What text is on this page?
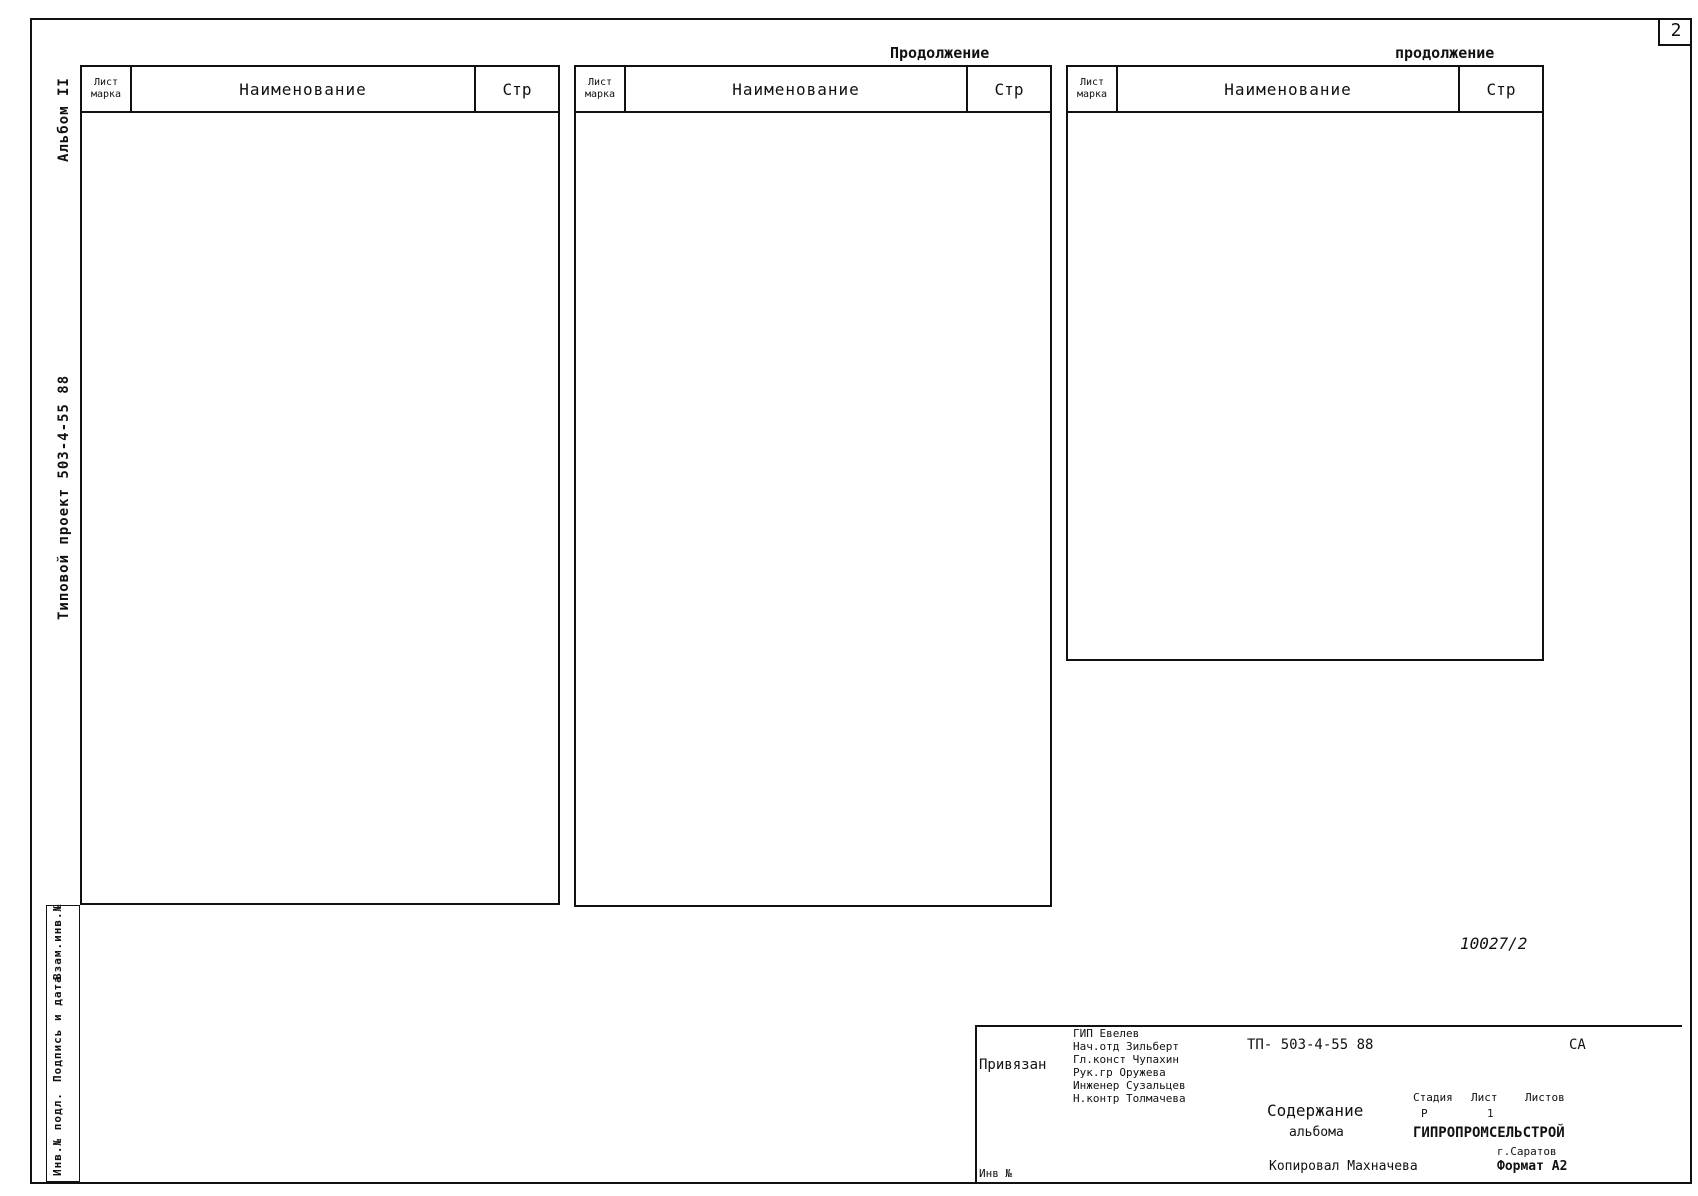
2
Альбом II
Типовой проект 503-4-55 88
Инв.№ подл.
Подпись и дата
Взам.инв.№
Продолжение	продолжение
Лист марка	Наименование	Стр	Лист марка	Наименование	Стр	Лист марка	Наименование	Стр
10027/2
Привязан
Инв №
ГИП Евелев
Нач.отд Зильберт
Гл.конст Чупахин
Рук.гр Оружева
Инженер Сузальцев
Н.контр Толмачева
ТП- 503-4-55 88	СА
Содержание
альбома
Стадия Лист	Листов
Р	1
ГИПРОПРОМСЕЛЬСТРОЙ
г.Саратов
Копировал Махначева	Формат А2
